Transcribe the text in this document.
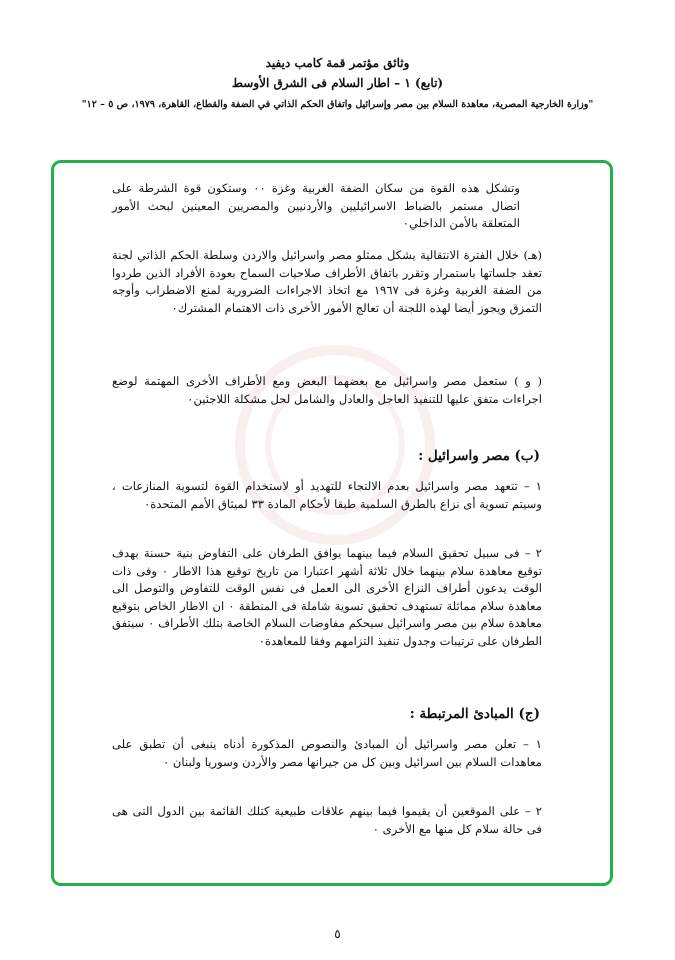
وثائق مؤتمر قمة كامب ديفيد
(تابع) ١ – اطار السلام فى الشرق الأوسط
"وزارة الخارجية المصرية، معاهدة السلام بين مصر وإسرائيل واتفاق الحكم الذاتي في الضفة والقطاع، القاهرة، ١٩٧٩، ص ٥ – ١٢"

وتشكل هذه القوة من سكان الضفة الغربية وغزة ٠٠ وستكون قوة الشرطة على اتصال مستمر بالضباط الاسرائيليين والأردنيين والمصريين المعينين لبحث الأمور المتعلقة بالأمن الداخلي٠

(هـ) خلال الفترة الانتقالية يشكل ممثلو مصر واسرائيل والاردن وسلطة الحكم الذاتي لجنة تعقد جلساتها باستمرار وتقرر باتفاق الأطراف صلاحيات السماح بعودة الأفراد الذين طردوا من الضفة الغربية وغزة فى ١٩٦٧ مع اتخاذ الاجراءات الضرورية لمنع الاضطراب وأوجه التمزق ويجوز أيضا لهذه اللجنة أن تعالج الأمور الأخرى ذات الاهتمام المشترك٠

( و ) ستعمل مصر واسرائيل مع بعضهما البعض ومع الأطراف الأخرى المهتمة لوضع اجراءات متفق عليها للتنفيذ العاجل والعادل والشامل لحل مشكلة اللاجئين٠

(ب) مصر واسرائيل :

١ – تتعهد مصر واسرائيل بعدم الالتجاء للتهديد أو لاستخدام القوة لتسوية المنازعات ، وسيتم تسوية أى نزاع بالطرق السلمية طبقا لأحكام المادة ٣٣ لميثاق الأمم المتحدة٠

٢ – فى سبيل تحقيق السلام فيما بينهما يوافق الطرفان على التفاوض بنية حسنة بهدف توقيع معاهدة سلام بينهما خلال ثلاثة أشهر اعتبارا من تاريخ توقيع هذا الاطار ٠ وفى ذات الوقت يدعون أطراف النزاع الأخرى الى العمل فى نفس الوقت للتفاوض والتوصل الى معاهدة سلام مماثلة تستهدف تحقيق تسوية شاملة فى المنطقة ٠ ان الاطار الخاص بتوقيع معاهدة سلام بين مصر واسرائيل سيحكم مفاوضات السلام الخاصة بتلك الأطراف ٠ سيتفق الطرفان على ترتيبات وجدول تنفيذ التزامهم وفقا للمعاهدة٠

(ج) المبادئ المرتبطة :

١ – تعلن مصر واسرائيل أن المبادئ والنصوص المذكورة أدناه ينبغى أن تطبق على معاهدات السلام بين اسرائيل وبين كل من جيرانها مصر والأردن وسوريا ولبنان ٠

٢ – على الموقعين أن يقيموا فيما بينهم علاقات طبيعية كتلك القائمة بين الدول التى هى فى حالة سلام كل منها مع الأخرى ٠

٥
